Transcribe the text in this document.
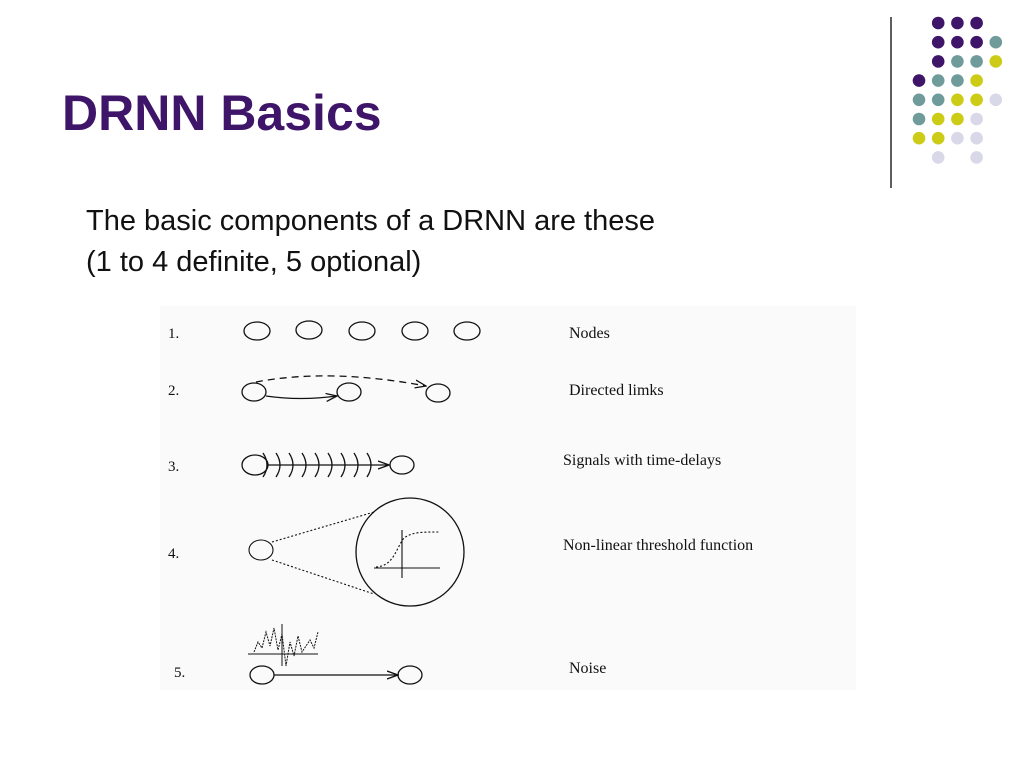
DRNN Basics
The basic components of a DRNN are these
(1 to 4 definite, 5 optional)
1.
2.
3.
4.
5.
Nodes
Directed limks
Signals with time-delays
Non-linear threshold function
Noise
